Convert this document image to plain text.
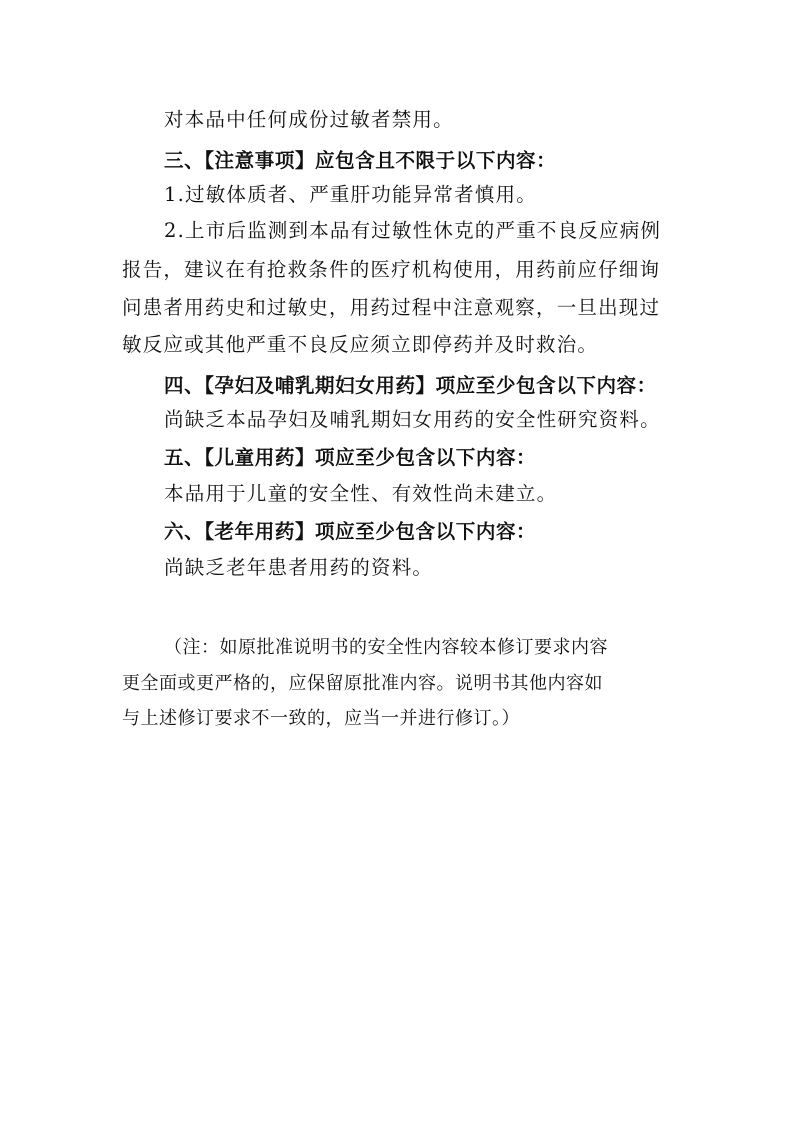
对本品中任何成份过敏者禁用。
三、【注意事项】应包含且不限于以下内容：
1.过敏体质者、严重肝功能异常者慎用。
2.上市后监测到本品有过敏性休克的严重不良反应病例
报告，建议在有抢救条件的医疗机构使用，用药前应仔细询
问患者用药史和过敏史，用药过程中注意观察，一旦出现过
敏反应或其他严重不良反应须立即停药并及时救治。
四、【孕妇及哺乳期妇女用药】项应至少包含以下内容：
尚缺乏本品孕妇及哺乳期妇女用药的安全性研究资料。
五、【儿童用药】项应至少包含以下内容：
本品用于儿童的安全性、有效性尚未建立。
六、【老年用药】项应至少包含以下内容：
尚缺乏老年患者用药的资料。
（注：如原批准说明书的安全性内容较本修订要求内容
更全面或更严格的，应保留原批准内容。说明书其他内容如
与上述修订要求不一致的，应当一并进行修订。）
